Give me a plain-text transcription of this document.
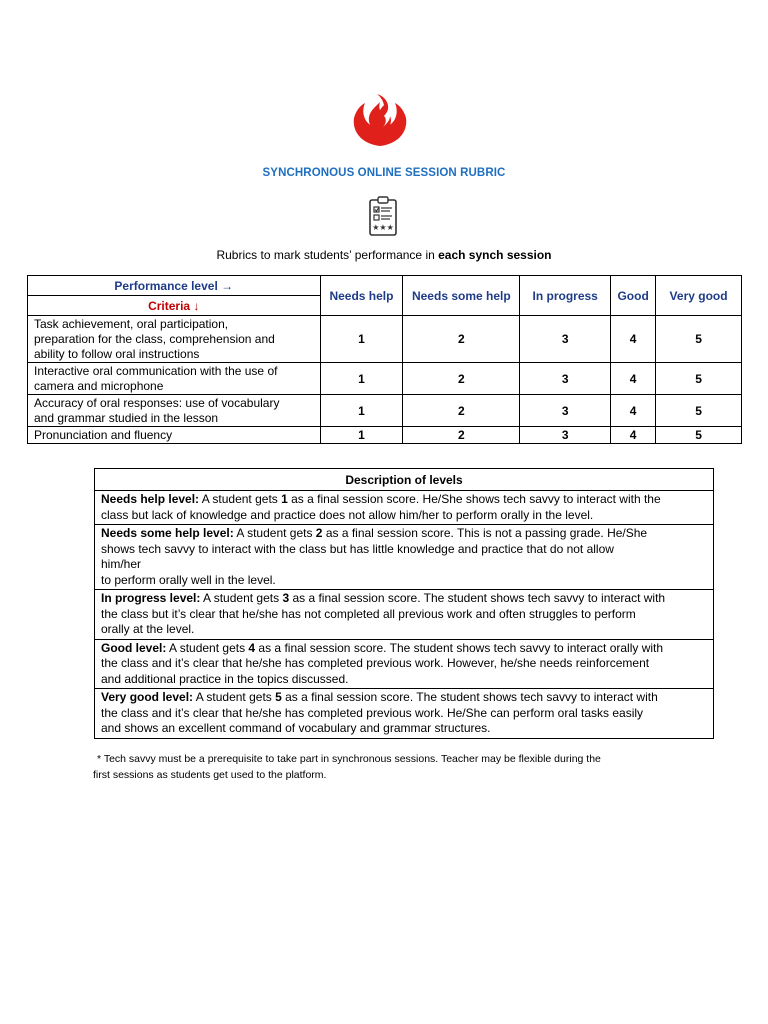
SYNCHRONOUS ONLINE SESSION RUBRIC
★★★
Rubrics to mark students’ performance in each synch session
Performance level →	Needs help	Needs some help	In progress	Good	Very good
Criteria ↓					

Task achievement, oral participation,
preparation for the class, comprehension and
ability to follow oral instructions	1	2	3	4	5

Interactive oral communication with the use of
camera and microphone	1	2	3	4	5

Accuracy of oral responses: use of vocabulary
and grammar studied in the lesson	1	2	3	4	5

Pronunciation and fluency	1	2	3	4	5
Description of levels

Needs help level: A student gets 1 as a final session score. He/She shows tech savvy to interact with the
class but lack of knowledge and practice does not allow him/her to perform orally in the level.

Needs some help level: A student gets 2 as a final session score. This is not a passing grade. He/She
shows tech savvy to interact with the class but has little knowledge and practice that do not allow
him/her
to perform orally well in the level.

In progress level: A student gets 3 as a final session score. The student shows tech savvy to interact with
the class but it’s clear that he/she has not completed all previous work and often struggles to perform
orally at the level.

Good level: A student gets 4 as a final session score. The student shows tech savvy to interact orally with
the class and it’s clear that he/she has completed previous work. However, he/she needs reinforcement
and additional practice in the topics discussed.

Very good level: A student gets 5 as a final session score. The student shows tech savvy to interact with
the class and it’s clear that he/she has completed previous work. He/She can perform oral tasks easily
and shows an excellent command of vocabulary and grammar structures.
* Tech savvy must be a prerequisite to take part in synchronous sessions. Teacher may be flexible during the
first sessions as students get used to the platform.
